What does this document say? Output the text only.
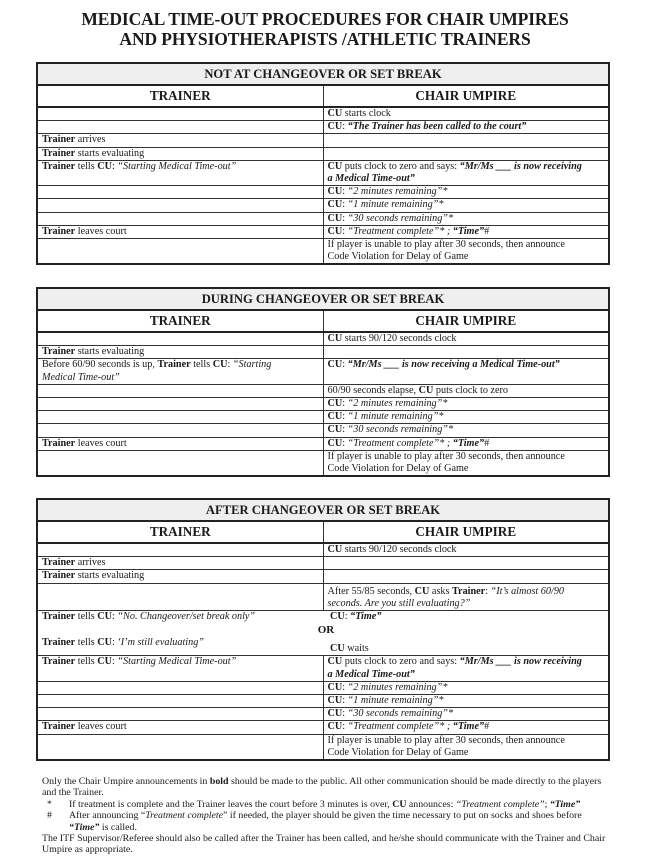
MEDICAL TIME-OUT PROCEDURES FOR CHAIR UMPIRES
AND PHYSIOTHERAPISTS /ATHLETIC TRAINERS
NOT AT CHANGEOVER OR SET BREAK	
TRAINER	CHAIR UMPIRE
	CU starts clock
	CU: “The Trainer has been called to the court”
Trainer arrives	
Trainer starts evaluating	
Trainer tells CU: “Starting Medical Time-out”	CU puts clock to zero and says: “Mr/Ms ___ is now receiving
a Medical Time-out”
	CU: “2 minutes remaining”*
	CU: “1 minute remaining”*
	CU: “30 seconds remaining”*
Trainer leaves court	CU: “Treatment complete”* ; “Time”#
	If player is unable to play after 30 seconds, then announce
Code Violation for Delay of Game
DURING CHANGEOVER OR SET BREAK	
TRAINER	CHAIR UMPIRE
	CU starts 90/120 seconds clock
Trainer starts evaluating	
Before 60/90 seconds is up, Trainer tells CU: “Starting
Medical Time-out”	CU: “Mr/Ms ___ is now receiving a Medical Time-out”
	60/90 seconds elapse, CU puts clock to zero
	CU: “2 minutes remaining”*
	CU: “1 minute remaining”*
	CU: “30 seconds remaining”*
Trainer leaves court	CU: “Treatment complete”* ; “Time”#
	If player is unable to play after 30 seconds, then announce
Code Violation for Delay of Game
AFTER CHANGEOVER OR SET BREAK	
TRAINER	CHAIR UMPIRE
	CU starts 90/120 seconds clock
Trainer arrives	
Trainer starts evaluating	
	After 55/85 seconds, CU asks Trainer: “It’s almost 60/90
seconds. Are you still evaluating?”

Trainer tells CU: “No. Changeover/set break only” CU: “Time”
OR
Trainer tells CU: ‘I’m still evaluating”
CU waits	

Trainer tells CU: “Starting Medical Time-out”	CU puts clock to zero and says: “Mr/Ms ___ is now receiving
a Medical Time-out”
	CU: “2 minutes remaining”*
	CU: “1 minute remaining”*
	CU: “30 seconds remaining”*
Trainer leaves court	CU: “Treatment complete”* ; “Time”#
	If player is unable to play after 30 seconds, then announce
Code Violation for Delay of Game
Only the Chair Umpire announcements in bold should be made to the public. All other communication should be made directly to the players and the Trainer.
*	If treatment is complete and the Trainer leaves the court before 3 minutes is over, CU announces: “Treatment complete”; “Time”
#	After announcing “Treatment complete” if needed, the player should be given the time necessary to put on socks and shoes before “Time” is called.
The ITF Supervisor/Referee should also be called after the Trainer has been called, and he/she should communicate with the Trainer and Chair Umpire as appropriate.
